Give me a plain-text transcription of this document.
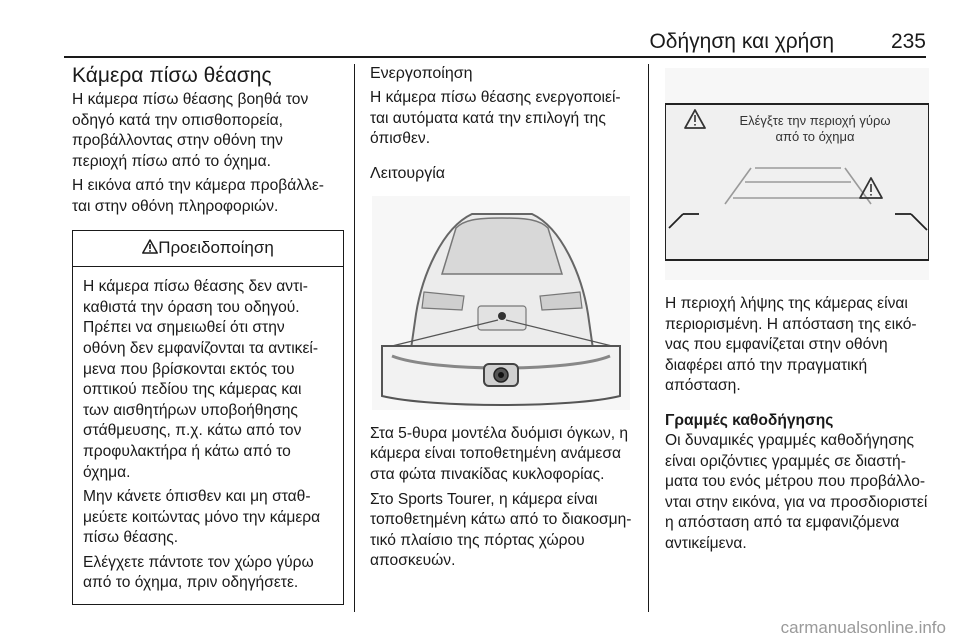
Οδήγηση και χρήση	235
Κάμερα πίσω θέασης

Η κάμερα πίσω θέασης βοηθά τον
οδηγό κατά την οπισθοπορεία,
προβάλλοντας στην οθόνη την
περιοχή πίσω από το όχημα.

Η εικόνα από την κάμερα προβάλλε-
ται στην οθόνη πληροφοριών.

Προειδοποίηση

Η κάμερα πίσω θέασης δεν αντι-
καθιστά την όραση του οδηγού.
Πρέπει να σημειωθεί ότι στην
οθόνη δεν εμφανίζονται τα αντικεί-
μενα που βρίσκονται εκτός του
οπτικού πεδίου της κάμερας και
των αισθητήρων υποβοήθησης
στάθμευσης, π.χ. κάτω από τον
προφυλακτήρα ή κάτω από το
όχημα.

Μην κάνετε όπισθεν και μη σταθ-
μεύετε κοιτώντας μόνο την κάμερα
πίσω θέασης.

Ελέγχετε πάντοτε τον χώρο γύρω
από το όχημα, πριν οδηγήσετε.

Ενεργοποίηση

Η κάμερα πίσω θέασης ενεργοποιεί-
ται αυτόματα κατά την επιλογή της
όπισθεν.

Λειτουργία

Στα 5-θυρα μοντέλα δυόμισι όγκων, η
κάμερα είναι τοποθετημένη ανάμεσα
στα φώτα πινακίδας κυκλοφορίας.

Στο Sports Tourer, η κάμερα είναι
τοποθετημένη κάτω από το διακοσμη-
τικό πλαίσιο της πόρτας χώρου
αποσκευών.

Ελέγξτε την περιοχή γύρω
από το όχημα

Η περιοχή λήψης της κάμερας είναι
περιορισμένη. Η απόσταση της εικό-
νας που εμφανίζεται στην οθόνη
διαφέρει από την πραγματική
απόσταση.

Γραμμές καθοδήγησης

Οι δυναμικές γραμμές καθοδήγησης
είναι οριζόντιες γραμμές σε διαστή-
ματα του ενός μέτρου που προβάλλο-
νται στην εικόνα, για να προσδιοριστεί
η απόσταση από τα εμφανιζόμενα
αντικείμενα.

carmanualsonline.info
